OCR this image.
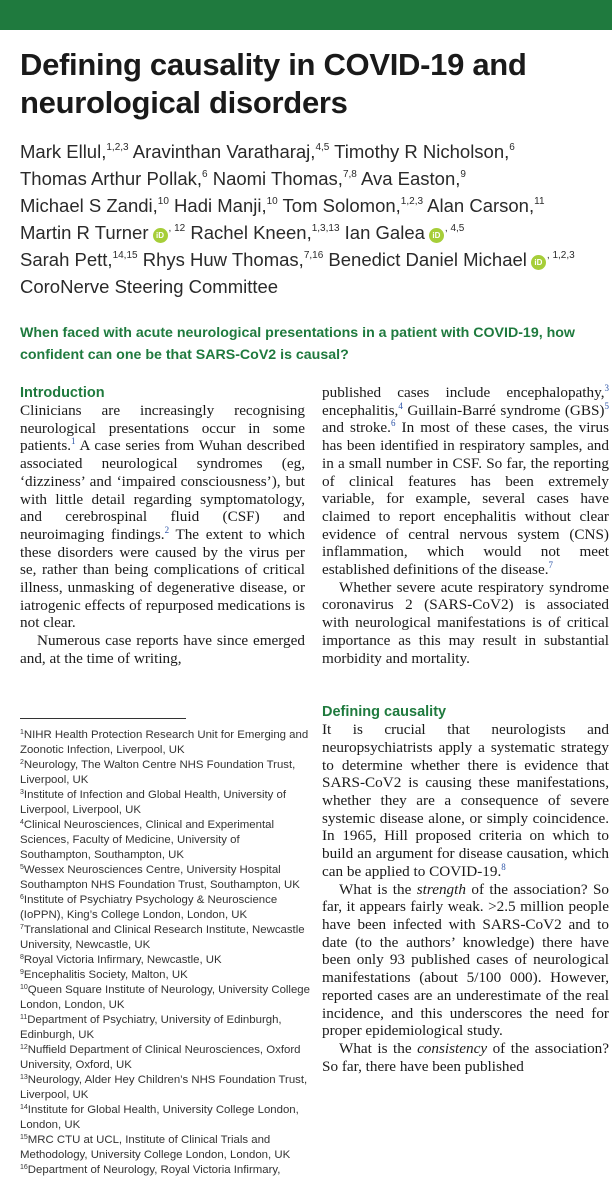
Defining causality in COVID-19 and neurological disorders
Mark Ellul,$^{1,2,3}$ Aravinthan Varatharaj,$^{4,5}$ Timothy R Nicholson,$^6$
Thomas Arthur Pollak,$^6$ Naomi Thomas,$^{7,8}$ Ava Easton,$^9$
Michael S Zandi,$^{10}$ Hadi Manji,$^{10}$ Tom Solomon,$^{1,2,3}$ Alan Carson,$^{11}$
Martin R Turner $iD^{, 12}$ Rachel Kneen,$^{1,3,13}$ Ian Galea $iD^{, 4,5}$
Sarah Pett,$^{14,15}$ Rhys Huw Thomas,$^{7,16}$ Benedict Daniel Michael $iD^{, 1,2,3}$
CoroNerve Steering Committee
When faced with acute neurological presentations in a patient with COVID-19, how confident can one be that SARS-CoV2 is causal?
Introduction

Clinicians are increasingly recognising neurological presentations occur in some patients.$^1$ A case series from Wuhan described associated neurological syndromes (eg, ‘dizziness’ and ‘impaired consciousness’), but with little detail regarding symptomatology, and cerebrospinal fluid (CSF) and neuroimaging findings.$^2$ The extent to which these disorders were caused by the virus per se, rather than being complications of critical illness, unmasking of degenerative disease, or iatrogenic effects of repurposed medications is not clear.

Numerous case reports have since emerged and, at the time of writing,

published cases include encephalopathy,$^3$ encephalitis,$^4$ Guillain-Barré syndrome (GBS)$^5$ and stroke.$^6$ In most of these cases, the virus has been identified in respiratory samples, and in a small number in CSF. So far, the reporting of clinical features has been extremely variable, for example, several cases have claimed to report encephalitis without clear evidence of central nervous system (CNS) inflammation, which would not meet established definitions of the disease.$^7$

Whether severe acute respiratory syndrome coronavirus 2 (SARS-CoV2) is associated with neurological manifestations is of critical importance as this may result in substantial morbidity and mortality.

Defining causality

It is crucial that neurologists and neuropsychiatrists apply a systematic strategy to determine whether there is evidence that SARS-CoV2 is causing these manifestations, whether they are a consequence of severe systemic disease alone, or simply coincidence. In 1965, Hill proposed criteria on which to build an argument for disease causation, which can be applied to COVID-19.$^8$

What is the strength of the association? So far, it appears fairly weak. >2.5 million people have been infected with SARS-CoV2 and to date (to the authors’ knowledge) there have been only 93 published cases of neurological manifestations (about 5/100 000). However, reported cases are an underestimate of the real incidence, and this underscores the need for proper epidemiological study.

What is the consistency of the association? So far, there have been published

$^1$NIHR Health Protection Research Unit for Emerging and Zoonotic Infection, Liverpool, UK
$^2$Neurology, The Walton Centre NHS Foundation Trust, Liverpool, UK
$^3$Institute of Infection and Global Health, University of Liverpool, Liverpool, UK
$^4$Clinical Neurosciences, Clinical and Experimental Sciences, Faculty of Medicine, University of Southampton, Southampton, UK
$^5$Wessex Neurosciences Centre, University Hospital Southampton NHS Foundation Trust, Southampton, UK
$^6$Institute of Psychiatry Psychology & Neuroscience (IoPPN), King’s College London, London, UK
$^7$Translational and Clinical Research Institute, Newcastle University, Newcastle, UK
$^8$Royal Victoria Infirmary, Newcastle, UK
$^9$Encephalitis Society, Malton, UK
$^{10}$Queen Square Institute of Neurology, University College London, London, UK
$^{11}$Department of Psychiatry, University of Edinburgh, Edinburgh, UK
$^{12}$Nuffield Department of Clinical Neurosciences, Oxford University, Oxford, UK
$^{13}$Neurology, Alder Hey Children’s NHS Foundation Trust, Liverpool, UK
$^{14}$Institute for Global Health, University College London, London, UK
$^{15}$MRC CTU at UCL, Institute of Clinical Trials and Methodology, University College London, London, UK
$^{16}$Department of Neurology, Royal Victoria Infirmary,
